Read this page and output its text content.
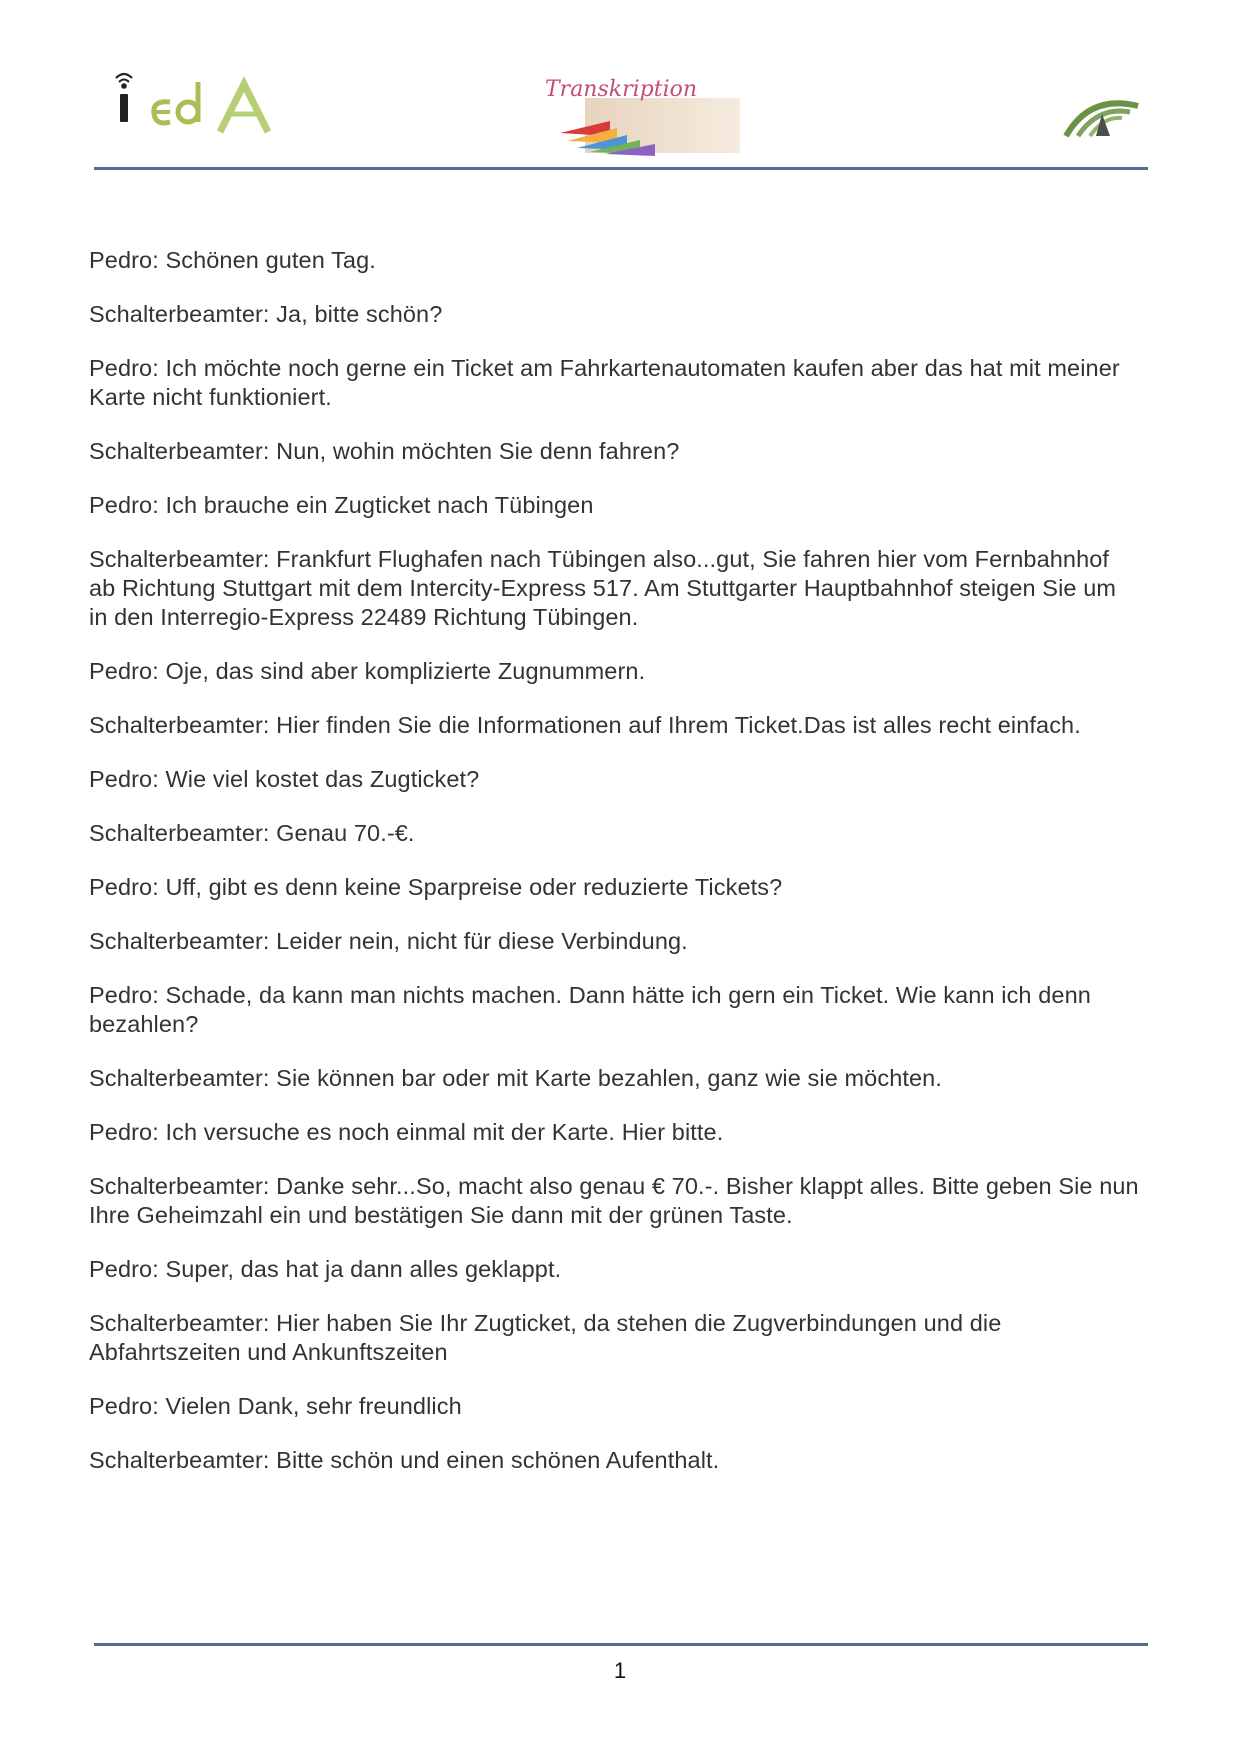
Transkription

Pedro: Schönen guten Tag.

Schalterbeamter: Ja, bitte schön?

Pedro: Ich möchte noch gerne ein Ticket am Fahrkartenautomaten kaufen aber das hat mit meiner Karte nicht funktioniert.

Schalterbeamter: Nun, wohin möchten Sie denn fahren?

Pedro: Ich brauche ein Zugticket nach Tübingen

Schalterbeamter: Frankfurt Flughafen nach Tübingen also...gut, Sie fahren hier vom Fernbahnhof ab Richtung Stuttgart mit dem Intercity-Express 517. Am Stuttgarter Hauptbahnhof steigen Sie um in den Interregio-Express 22489 Richtung Tübingen.

Pedro: Oje, das sind aber komplizierte Zugnummern.

Schalterbeamter: Hier finden Sie die Informationen auf Ihrem Ticket.Das ist alles recht einfach.

Pedro: Wie viel kostet das Zugticket?

Schalterbeamter: Genau 70.-€.

Pedro: Uff, gibt es denn keine Sparpreise oder reduzierte Tickets?

Schalterbeamter: Leider nein, nicht für diese Verbindung.

Pedro: Schade, da kann man nichts machen. Dann hätte ich gern ein Ticket. Wie kann ich denn bezahlen?

Schalterbeamter: Sie können bar oder mit Karte bezahlen, ganz wie sie möchten.

Pedro: Ich versuche es noch einmal mit der Karte. Hier bitte.

Schalterbeamter: Danke sehr...So, macht also genau € 70.-. Bisher klappt alles. Bitte geben Sie nun Ihre Geheimzahl ein und bestätigen Sie dann mit der grünen Taste.

Pedro: Super, das hat ja dann alles geklappt.

Schalterbeamter: Hier haben Sie Ihr Zugticket, da stehen die Zugverbindungen und die Abfahrtszeiten und Ankunftszeiten

Pedro: Vielen Dank, sehr freundlich

Schalterbeamter: Bitte schön und einen schönen Aufenthalt.

1
